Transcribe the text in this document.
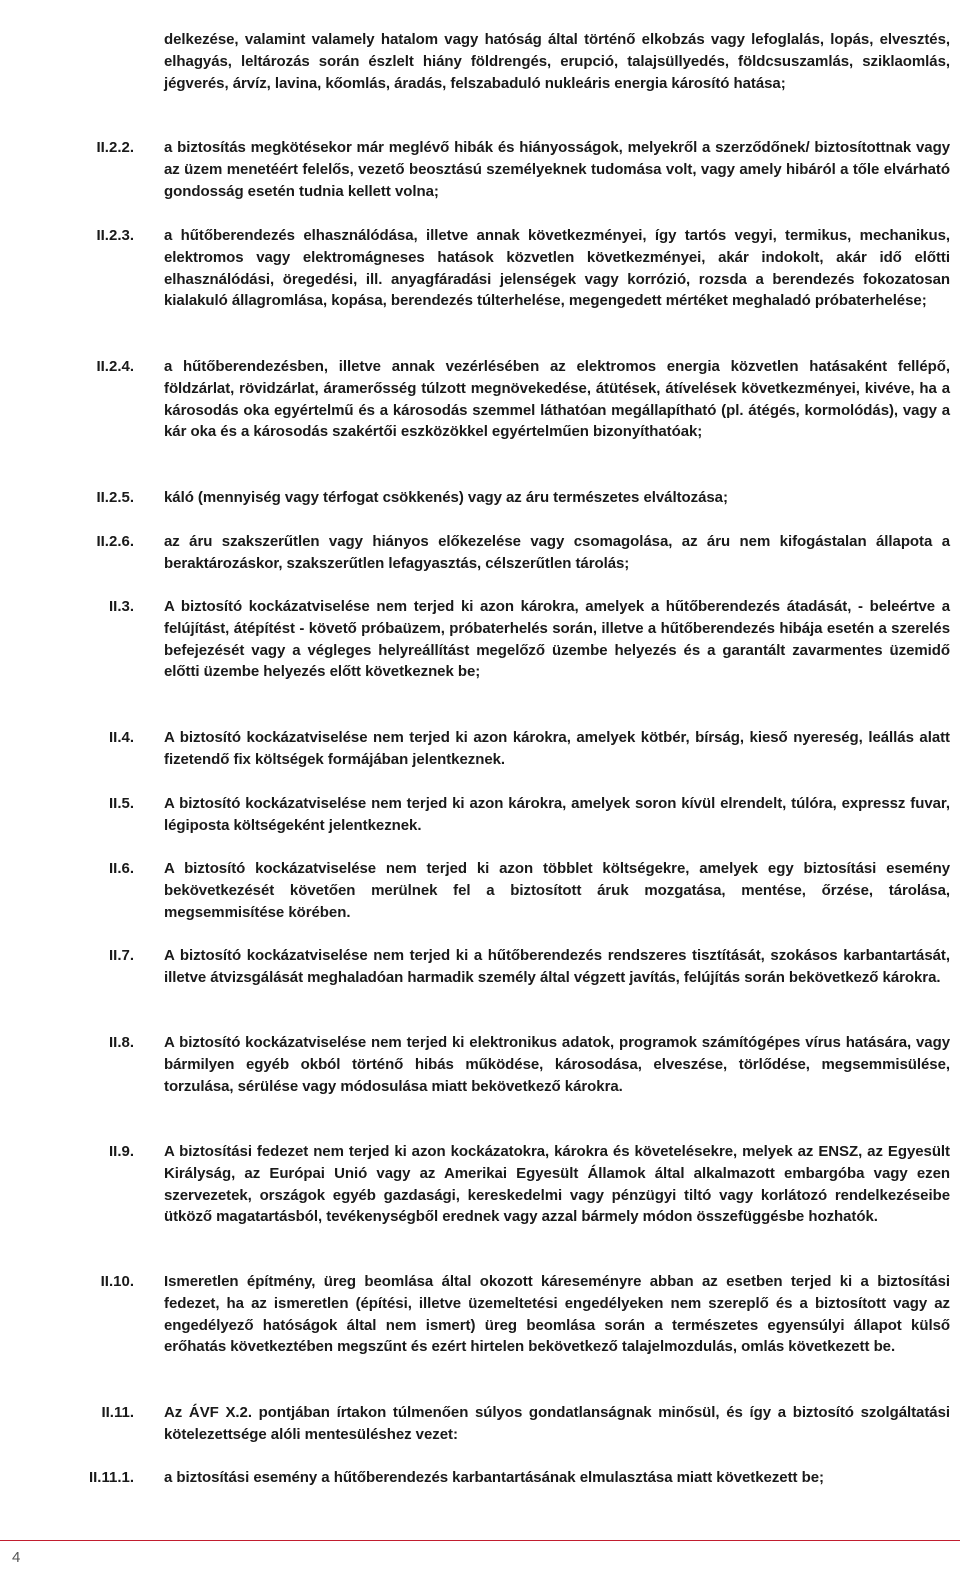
delkezése, valamint valamely hatalom vagy hatóság által történő elkobzás vagy lefoglalás, lopás, elvesztés, elhagyás, leltározás során észlelt hiány földrengés, erupció, talajsüllyedés, földcsuszamlás, sziklaomlás, jégverés, árvíz, lavina, kőomlás, áradás, felszabaduló nukleáris energia károsító hatása;
II.2.2. a biztosítás megkötésekor már meglévő hibák és hiányosságok, melyekről a szerződőnek/ biztosítottnak vagy az üzem menetéért felelős, vezető beosztású személyeknek tudomása volt, vagy amely hibáról a tőle elvárható gondosság esetén tudnia kellett volna;
II.2.3. a hűtőberendezés elhasználódása, illetve annak következményei, így tartós vegyi, termikus, mechanikus, elektromos vagy elektromágneses hatások közvetlen következményei, akár indokolt, akár idő előtti elhasználódási, öregedési, ill. anyagfáradási jelenségek vagy korrózió, rozsda a berendezés fokozatosan kialakuló állagromlása, kopása, berendezés túlterhelése, megengedett mértéket meghaladó próbaterhelése;
II.2.4. a hűtőberendezésben, illetve annak vezérlésében az elektromos energia közvetlen hatásaként fellépő, földzárlat, rövidzárlat, áramerősség túlzott megnövekedése, átütések, átívelések következményei, kivéve, ha a károsodás oka egyértelmű és a károsodás szemmel láthatóan megállapítható (pl. átégés, kormolódás), vagy a kár oka és a károsodás szakértői eszközökkel egyértelműen bizonyíthatóak;
II.2.5. káló (mennyiség vagy térfogat csökkenés) vagy az áru természetes elváltozása;
II.2.6. az áru szakszerűtlen vagy hiányos előkezelése vagy csomagolása, az áru nem kifogástalan állapota a beraktározáskor, szakszerűtlen lefagyasztás, célszerűtlen tárolás;
II.3. A biztosító kockázatviselése nem terjed ki azon károkra, amelyek a hűtőberendezés átadását, - beleértve a felújítást, átépítést - követő próbaüzem, próbaterhelés során, illetve a hűtőberendezés hibája esetén a szerelés befejezését vagy a végleges helyreállítást megelőző üzembe helyezés és a garantált zavarmentes üzemidő előtti üzembe helyezés előtt következnek be;
II.4. A biztosító kockázatviselése nem terjed ki azon károkra, amelyek kötbér, bírság, kieső nyereség, leállás alatt fizetendő fix költségek formájában jelentkeznek.
II.5. A biztosító kockázatviselése nem terjed ki azon károkra, amelyek soron kívül elrendelt, túlóra, expressz fuvar, légiposta költségeként jelentkeznek.
II.6. A biztosító kockázatviselése nem terjed ki azon többlet költségekre, amelyek egy biztosítási esemény bekövetkezését követően merülnek fel a biztosított áruk mozgatása, mentése, őrzése, tárolása, megsemmisítése körében.
II.7. A biztosító kockázatviselése nem terjed ki a hűtőberendezés rendszeres tisztítását, szokásos karbantartását, illetve átvizsgálását meghaladóan harmadik személy által végzett javítás, felújítás során bekövetkező károkra.
II.8. A biztosító kockázatviselése nem terjed ki elektronikus adatok, programok számítógépes vírus hatására, vagy bármilyen egyéb okból történő hibás működése, károsodása, elveszése, törlődése, megsemmisülése, torzulása, sérülése vagy módosulása miatt bekövetkező károkra.
II.9. A biztosítási fedezet nem terjed ki azon kockázatokra, károkra és követelésekre, melyek az ENSZ, az Egyesült Királyság, az Európai Unió vagy az Amerikai Egyesült Államok által alkalmazott embargóba vagy ezen szervezetek, országok egyéb gazdasági, kereskedelmi vagy pénzügyi tiltó vagy korlátozó rendelkezéseibe ütköző magatartásból, tevékenységből erednek vagy azzal bármely módon összefüggésbe hozhatók.
II.10. Ismeretlen építmény, üreg beomlása által okozott káreseményre abban az esetben terjed ki a biztosítási fedezet, ha az ismeretlen (építési, illetve üzemeltetési engedélyeken nem szereplő és a biztosított vagy az engedélyező hatóságok által nem ismert) üreg beomlása során a természetes egyensúlyi állapot külső erőhatás következtében megszűnt és ezért hirtelen bekövetkező talajelmozdulás, omlás következett be.
II.11. Az ÁVF X.2. pontjában írtakon túlmenően súlyos gondatlanságnak minősül, és így a biztosító szolgáltatási kötelezettsége alóli mentesüléshez vezet:
II.11.1. a biztosítási esemény a hűtőberendezés karbantartásának elmulasztása miatt következett be;
4
